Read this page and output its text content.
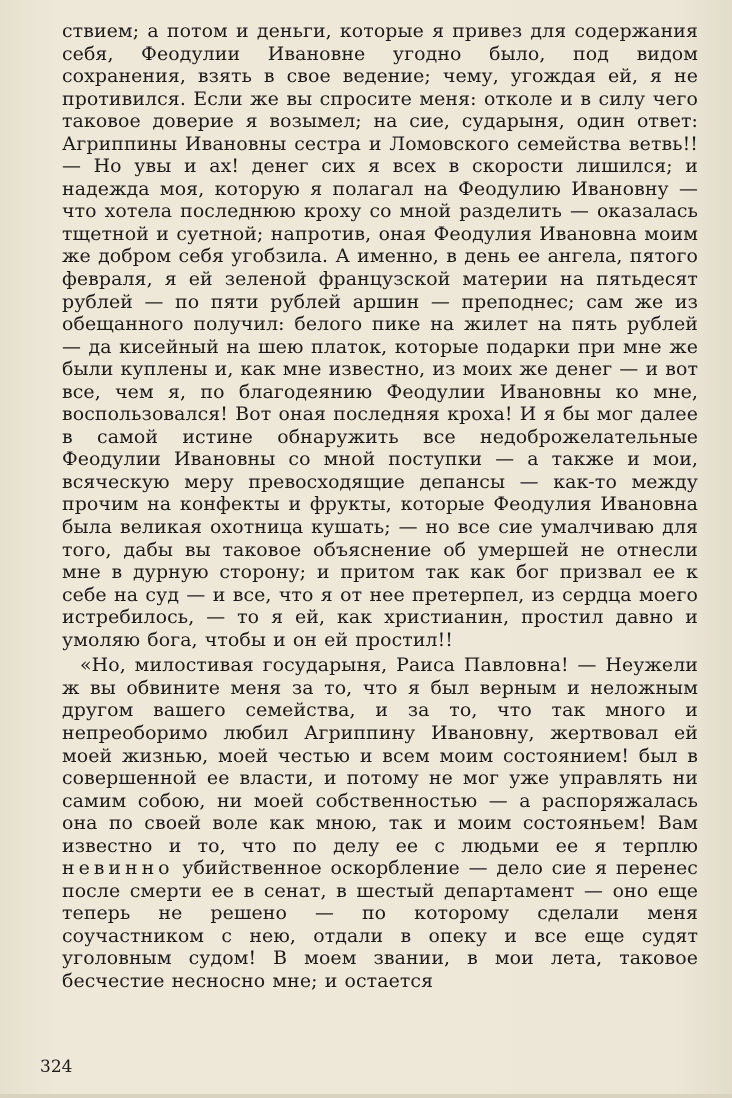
ствием; а потом и деньги, которые я привез для содержания себя, Феодулии Ивановне угодно было, под видом сохранения, взять в свое ведение; чему, угождая ей, я не противился. Если же вы спросите меня: отколе и в силу чего таковое доверие я возымел; на сие, сударыня, один ответ: Агриппины Ивановны сестра и Ломовского семейства ветвь!! — Но увы и ах! денег сих я всех в скорости лишился; и надежда моя, которую я полагал на Феодулию Ивановну — что хотела последнюю кроху со мной разделить — оказалась тщетной и суетной; напротив, оная Феодулия Ивановна моим же добром себя угобзила. А именно, в день ее ангела, пятого февраля, я ей зеленой французской материи на пятьдесят рублей — по пяти рублей аршин — преподнес; сам же из обещанного получил: белого пике на жилет на пять рублей — да кисейный на шею платок, которые подарки при мне же были куплены и, как мне известно, из моих же денег — и вот все, чем я, по благодеянию Феодулии Ивановны ко мне, воспользовался! Вот оная последняя кроха! И я бы мог далее в самой истине обнаружить все недоброжелательные Феодулии Ивановны со мной поступки — а также и мои, всяческую меру превосходящие депансы — как-то между прочим на конфекты и фрукты, которые Феодулия Ивановна была великая охотница кушать; — но все сие умалчиваю для того, дабы вы таковое объяснение об умершей не отнесли мне в дурную сторону; и притом так как бог призвал ее к себе на суд — и все, что я от нее претерпел, из сердца моего истребилось, — то я ей, как христианин, простил давно и умоляю бога, чтобы и он ей простил!!

«Но, милостивая государыня, Раиса Павловна! — Неужели ж вы обвините меня за то, что я был верным и неложным другом вашего семейства, и за то, что так много и непреоборимо любил Агриппину Ивановну, жертвовал ей моей жизнью, моей честью и всем моим состоянием! был в совершенной ее власти, и потому не мог уже управлять ни самим собою, ни моей собственностью — а распоряжалась она по своей воле как мною, так и моим состояньем! Вам известно и то, что по делу ее с людьми ее я терплю невинно убийственное оскорбление — дело сие я перенес после смерти ее в сенат, в шестый департамент — оно еще теперь не решено — по которому сделали меня соучастником с нею, отдали в опеку и все еще судят уголовным судом! В моем звании, в мои лета, таковое бесчестие несносно мне; и остается

324
